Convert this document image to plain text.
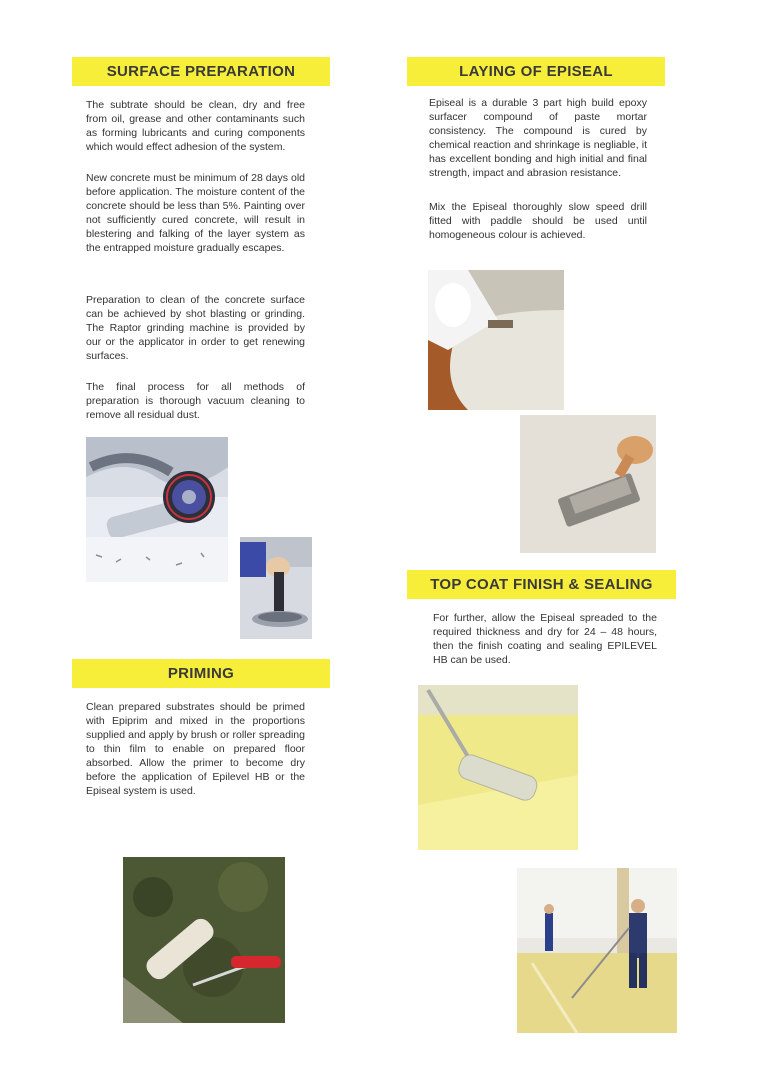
SURFACE PREPARATION

The subtrate should be clean, dry and free from oil, grease and other contaminants such as forming lubricants and curing components which would effect adhesion of the system.

New concrete must be minimum of 28 days old before application. The moisture content of the concrete should be less than 5%. Painting over not sufficiently cured concrete, will result in blestering and falking of the layer system as the entrapped moisture gradually escapes.

Preparation to clean of the concrete surface can be achieved by shot blasting or grinding. The Raptor grinding machine is provided by our or the applicator in order to get renewing surfaces.

The final process for all methods of preparation is thorough vacuum cleaning to remove all residual dust.

PRIMING

Clean prepared substrates should be primed with Epiprim and mixed in the proportions supplied and apply by brush or roller spreading to thin film to enable on prepared floor absorbed. Allow the primer to become dry before the application of Epilevel HB or the Episeal system is used.

LAYING OF EPISEAL

Episeal is a durable 3 part high build epoxy surfacer compound of paste mortar consistency. The compound is cured by chemical reaction and shrinkage is negliable, it has excellent bonding and high initial and final strength, impact and abrasion resistance.

Mix the Episeal thoroughly slow speed drill fitted with paddle should be used until homogeneous colour is achieved.

TOP COAT FINISH & SEALING

For further, allow the Episeal spreaded to the required thickness and dry for 24 – 48 hours, then the finish coating and sealing EPILEVEL HB can be used.
